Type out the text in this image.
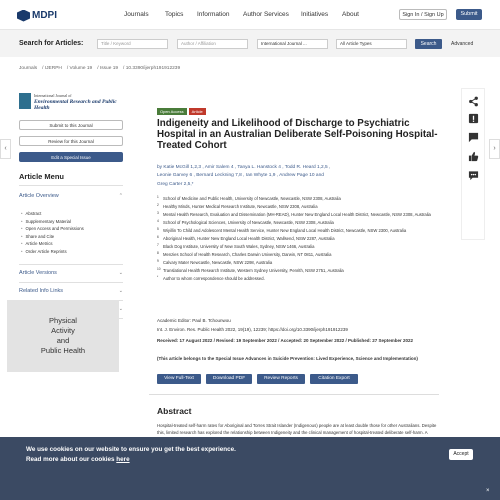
MDPI	Journals	Topics Information Author Services Initiatives About	Sign In / Sign Up	Submit
Search for Articles:	Title / Keyword	Author / Affiliation	International Journal ...	All Article Types	Search	Advanced
Journals / IJERPH / Volume 19 / Issue 19 / 10.3390/ijerph191912239
‹	›
International Journal of
Environmental Research and Public Health
Submit to this Journal
Review for this Journal
Edit a Special Issue
Article Menu
Article Overview	⌃
• Abstract
• Supplementary Material
• Open Access and Permissions
• Share and Cite
• Article Metrics
• Order Article Reprints
Article Versions	⌄
Related Info Links	⌄
⌄
Physical
Activity
and
Public Health
Open Access	Article
Indigeneity and Likelihood of Discharge to Psychiatric Hospital in an Australian Deliberate Self-Poisoning Hospital-Treated Cohort
by Katie McGill 1,2,3 , Amir Salem 4 , Tanya L. Hanstock 4 , Todd R. Heard 1,2,5 ,
Leonie Garvey 6 , Bernard Leckning 7,8 , Ian Whyte 1,9 , Andrew Page 10 and
Greg Carter 2,5,*
1 School of Medicine and Public Health, University of Newcastle, Newcastle, NSW 2308, Australia
2 Healthy Minds, Hunter Medical Research Institute, Newcastle, NSW 2308, Australia
3 Mental Health Research, Evaluation and Dissemination (MH-READ), Hunter New England Local Health District, Newcastle, NSW 2308, Australia
4 School of Psychological Sciences, University of Newcastle, Newcastle, NSW 2308, Australia
5 Wiyillin To Child and Adolescent Mental Health Service, Hunter New England Local Health District, Newcastle, NSW 2300, Australia
6 Aboriginal Health, Hunter New England Local Health District, Wallsend, NSW 2287, Australia
7 Black Dog Institute, University of New South Wales, Sydney, NSW 1466, Australia
8 Menzies School of Health Research, Charles Darwin University, Darwin, NT 0811, Australia
9 Calvary Mater Newcastle, Newcastle, NSW 2298, Australia
10 Translational Health Research Institute, Western Sydney University, Penrith, NSW 2751, Australia
* Author to whom correspondence should be addressed.
Academic Editor: Paul B. Tchounwou
Int. J. Environ. Res. Public Health 2022, 19(19), 12239; https://doi.org/10.3390/ijerph191912239
Received: 17 August 2022 / Revised: 19 September 2022 / Accepted: 20 September 2022 / Published: 27 September 2022
(This article belongs to the Special Issue Advances in Suicide Prevention: Lived Experience, Science and Implementation)
View Full-Text	Download PDF	Review Reports	Citation Export
Abstract
Hospital-treated self-harm rates for Aboriginal and Torres Strait Islander (Indigenous) people are at least double those for other Australians. Despite this, limited research has explored the relationship between Indigeneity and the clinical management of hospital-treated deliberate self-harm. A
We use cookies on our website to ensure you get the best experience.
Read more about our cookies here
Accept
×
